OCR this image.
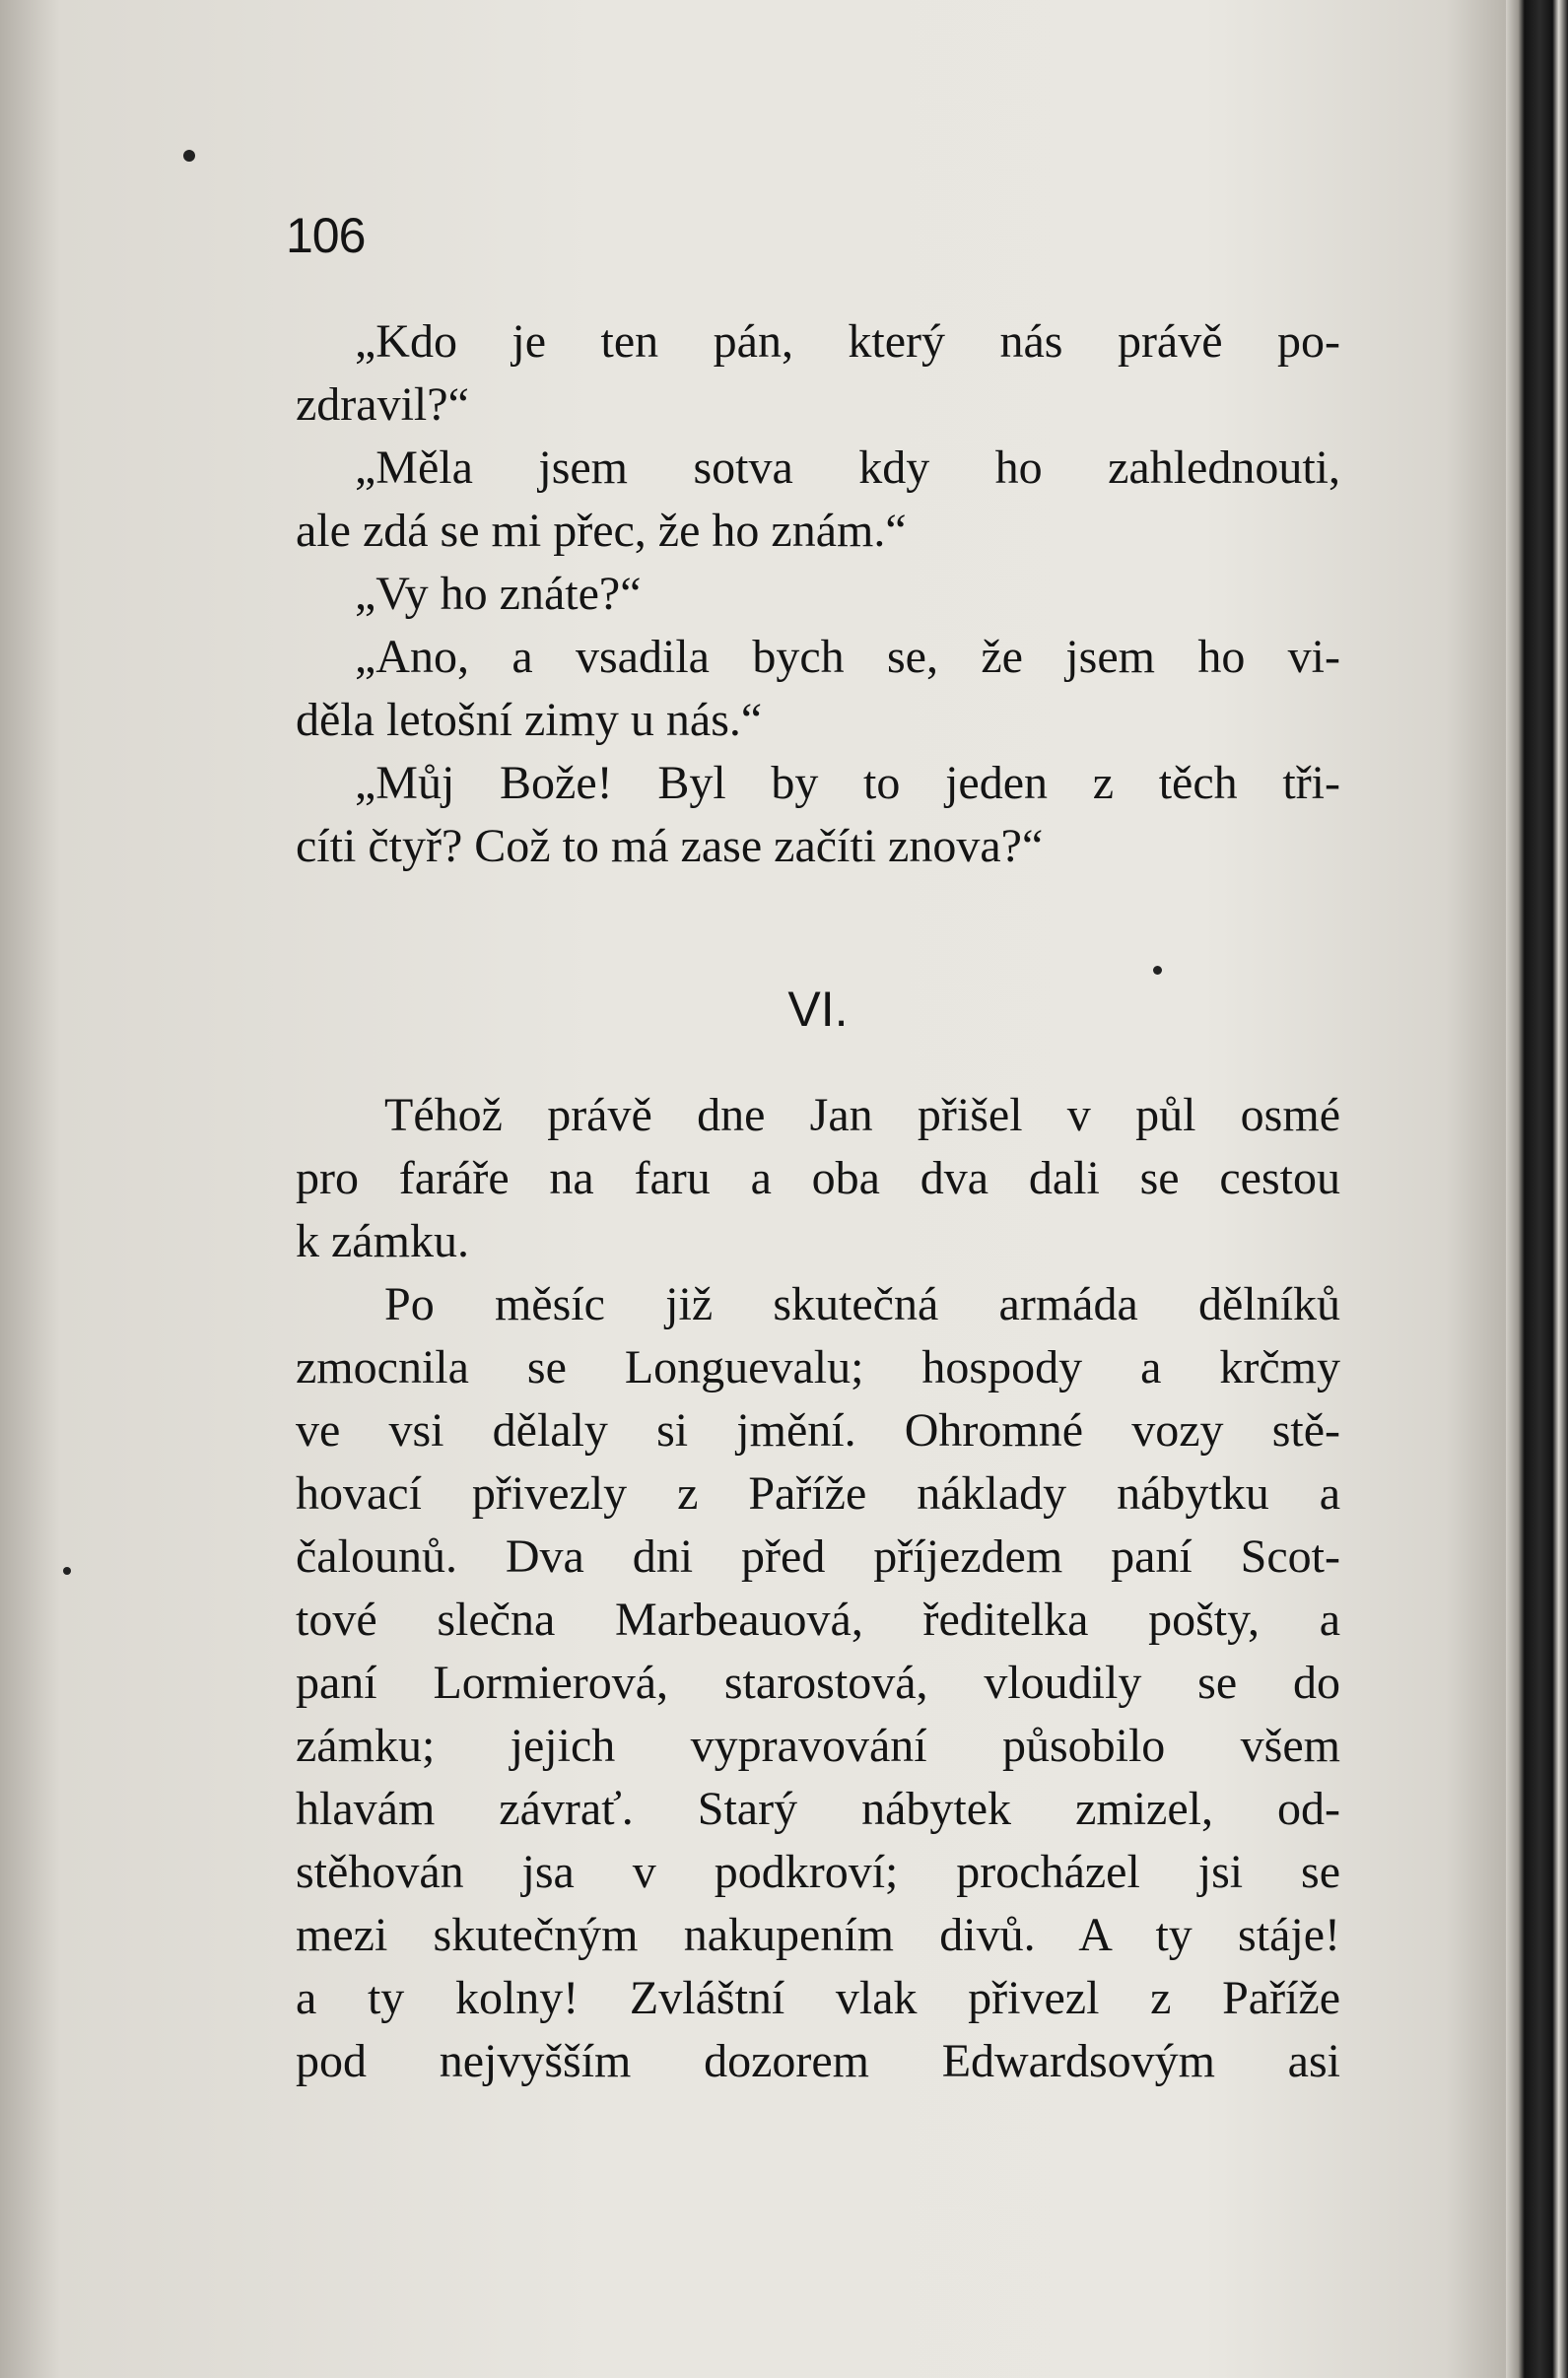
106
„Kdo je ten pán, který nás právě po-
zdravil?“
„Měla jsem sotva kdy ho zahlednouti,
ale zdá se mi přec, že ho znám.“
„Vy ho znáte?“
„Ano, a vsadila bych se, že jsem ho vi-
děla letošní zimy u nás.“
„Můj Bože! Byl by to jeden z těch tři-
cíti čtyř? Což to má zase začíti znova?“
VI.
Téhož právě dne Jan přišel v půl osmé
pro faráře na faru a oba dva dali se cestou
k zámku.
Po měsíc již skutečná armáda dělníků
zmocnila se Longuevalu; hospody a krčmy
ve vsi dělaly si jmění. Ohromné vozy stě-
hovací přivezly z Paříže náklady nábytku a
čalounů. Dva dni před příjezdem paní Scot-
tové slečna Marbeauová, ředitelka pošty, a
paní Lormierová, starostová, vloudily se do
zámku; jejich vypravování působilo všem
hlavám závrať. Starý nábytek zmizel, od-
stěhován jsa v podkroví; procházel jsi se
mezi skutečným nakupením divů. A ty stáje!
a ty kolny! Zvláštní vlak přivezl z Paříže
pod nejvyšším dozorem Edwardsovým asi
